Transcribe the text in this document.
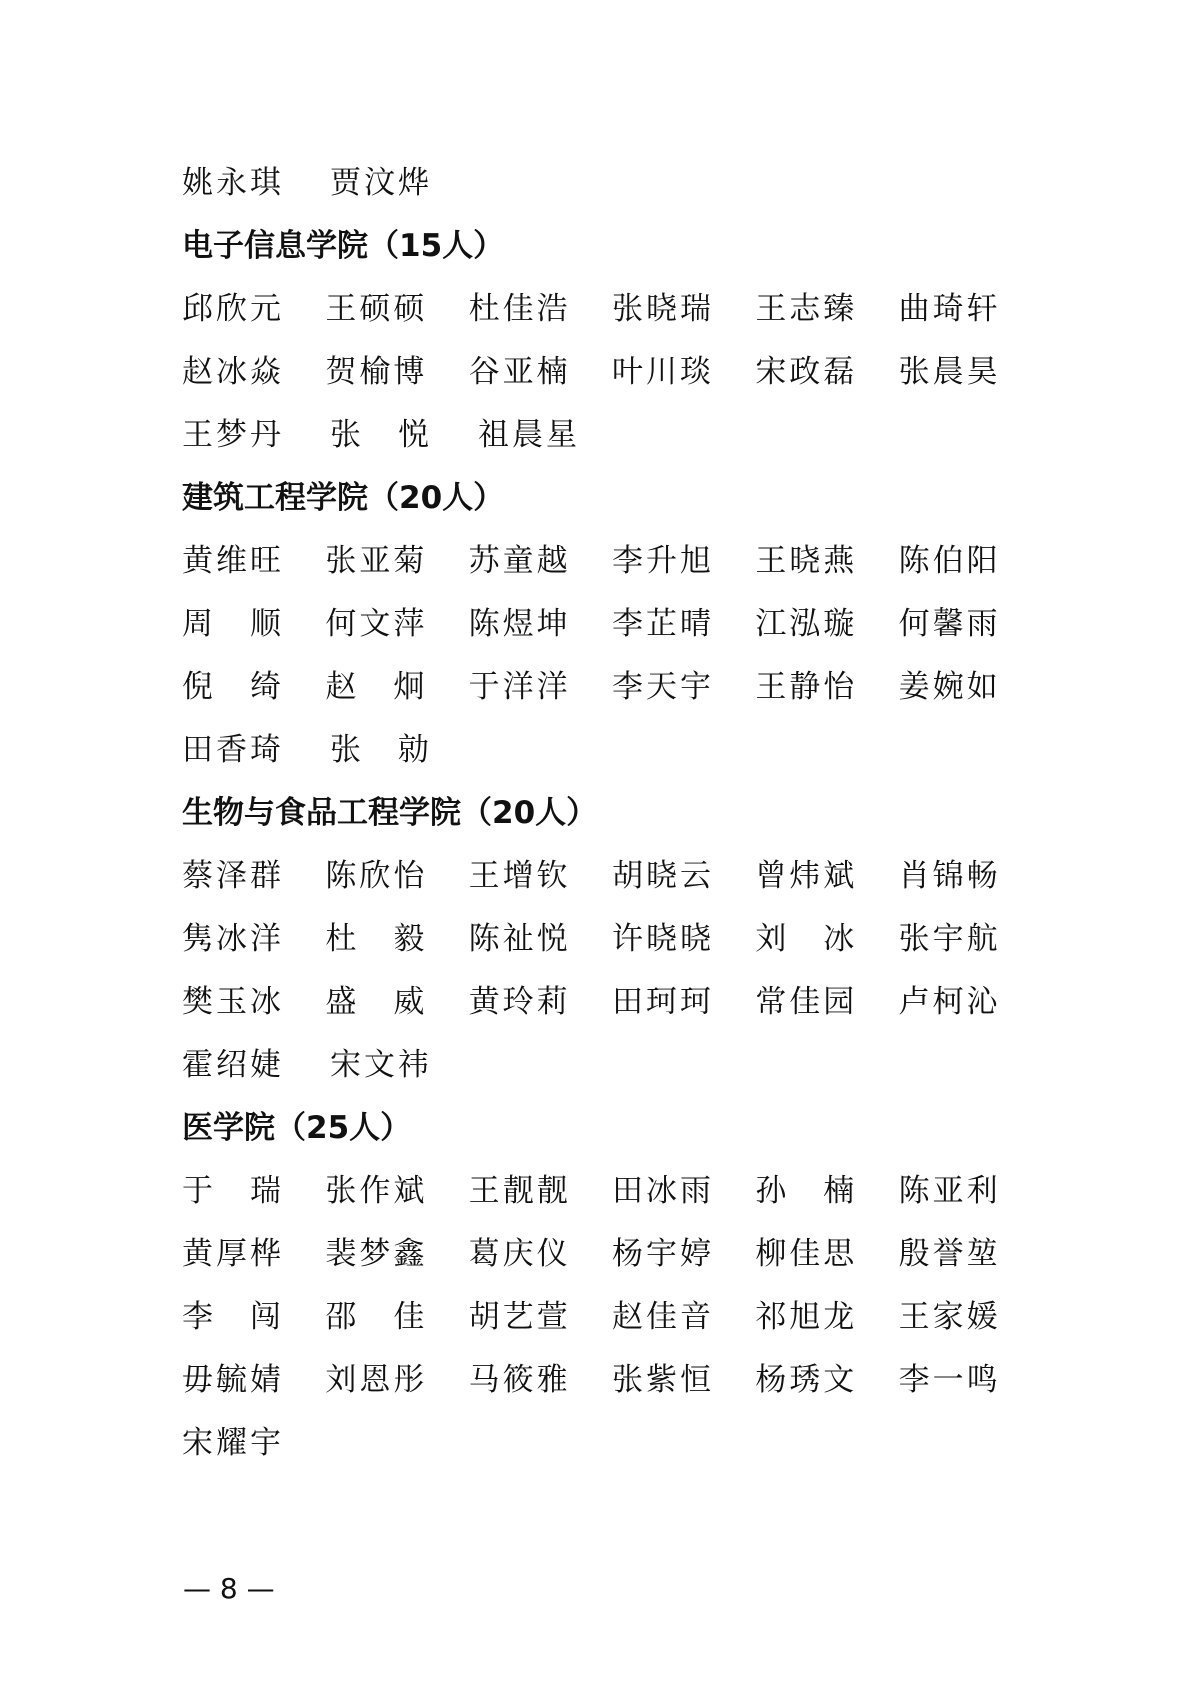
姚永琪	贾汶烨
电子信息学院（15人）
邱欣元	王硕硕	杜佳浩	张晓瑞	王志臻	曲琦轩
赵冰焱	贺榆博	谷亚楠	叶川琰	宋政磊	张晨昊
王梦丹	张　悦	祖晨星
建筑工程学院（20人）
黄维旺	张亚菊	苏童越	李升旭	王晓燕	陈伯阳
周　顺	何文萍	陈煜坤	李芷晴	江泓璇	何馨雨
倪　绮	赵　炯	于洋洋	李天宇	王静怡	姜婉如
田香琦	张　勍
生物与食品工程学院（20人）
蔡泽群	陈欣怡	王增钦	胡晓云	曾炜斌	肖锦畅
隽冰洋	杜　毅	陈祉悦	许晓晓	刘　冰	张宇航
樊玉冰	盛　威	黄玲莉	田珂珂	常佳园	卢柯沁
霍绍婕	宋文祎
医学院（25人）
于　瑞	张作斌	王靓靓	田冰雨	孙　楠	陈亚利
黄厚桦	裴梦鑫	葛庆仪	杨宇婷	柳佳思	殷誉堃
李　闯	邵　佳	胡艺萱	赵佳音	祁旭龙	王家媛
毋毓婧	刘恩彤	马筱雅	张紫恒	杨琇文	李一鸣
宋耀宇
— 8 —
